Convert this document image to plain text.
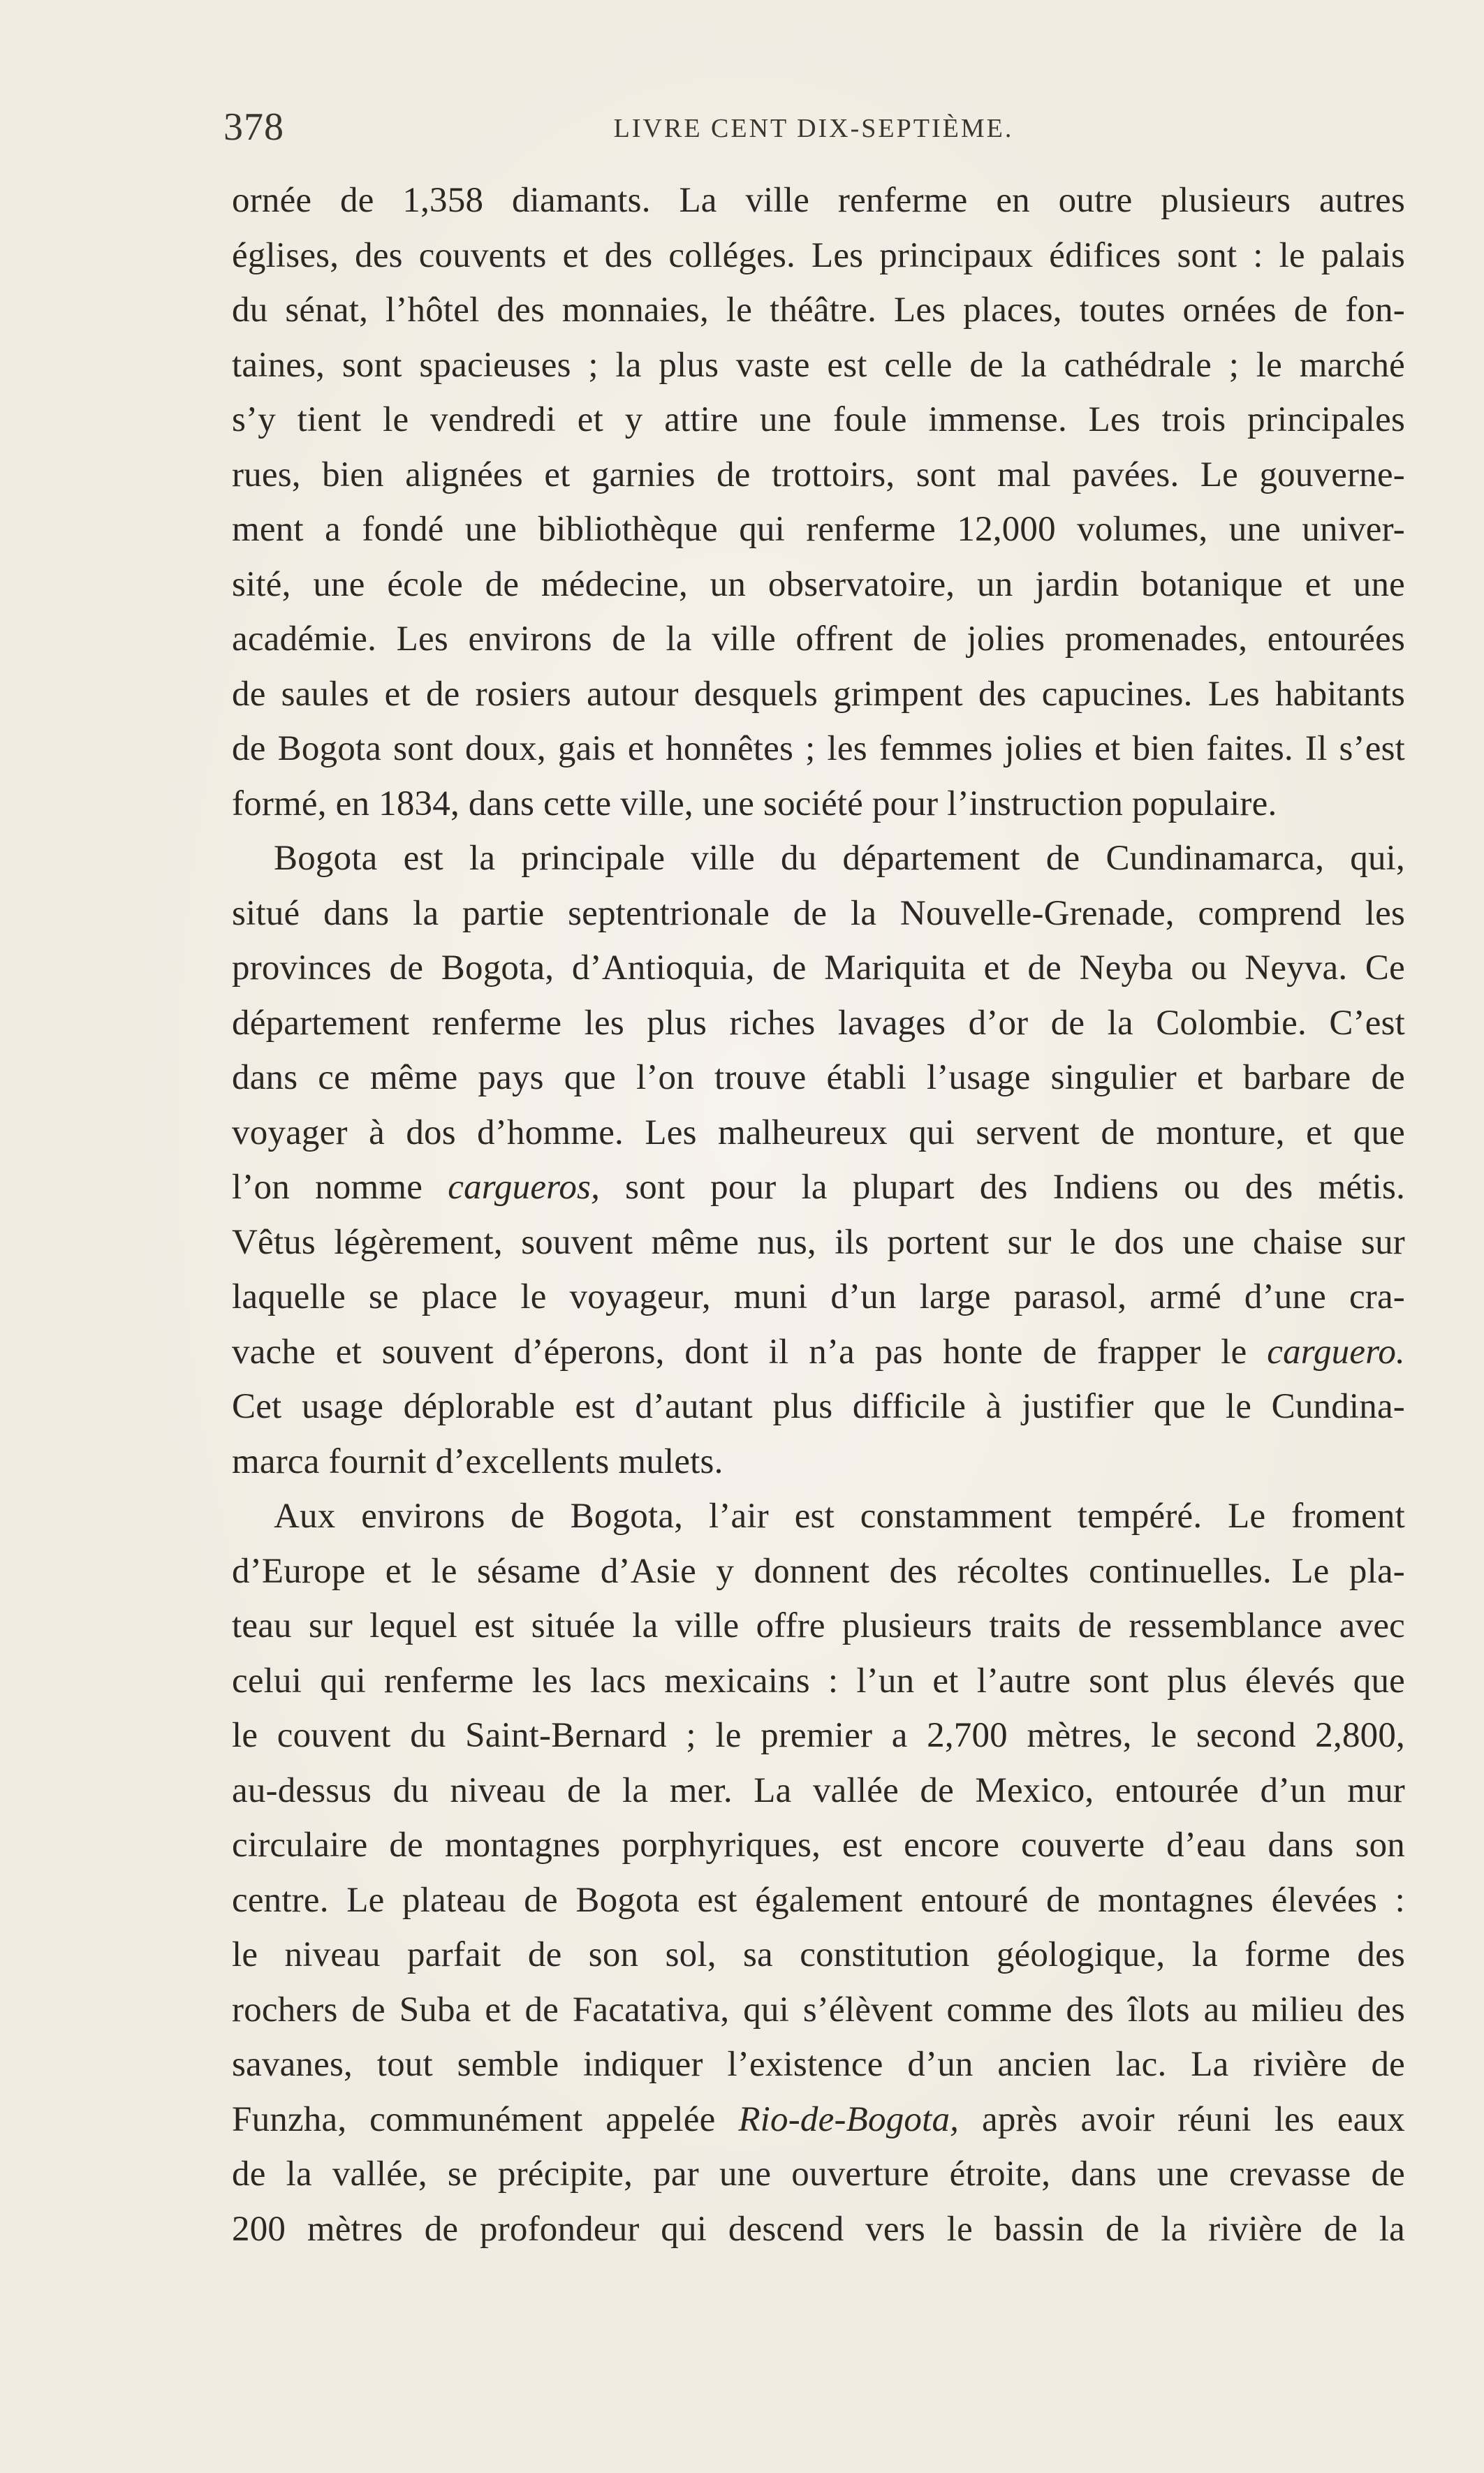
378	LIVRE CENT DIX-SEPTIÈME.
ornée de 1,358 diamants. La ville renferme en outre plusieurs autres
églises, des couvents et des colléges. Les principaux édifices sont : le palais
du sénat, l’hôtel des monnaies, le théâtre. Les places, toutes ornées de fon-
taines, sont spacieuses ; la plus vaste est celle de la cathédrale ; le marché
s’y tient le vendredi et y attire une foule immense. Les trois principales
rues, bien alignées et garnies de trottoirs, sont mal pavées. Le gouverne-
ment a fondé une bibliothèque qui renferme 12,000 volumes, une univer-
sité, une école de médecine, un observatoire, un jardin botanique et une
académie. Les environs de la ville offrent de jolies promenades, entourées
de saules et de rosiers autour desquels grimpent des capucines. Les habitants
de Bogota sont doux, gais et honnêtes ; les femmes jolies et bien faites. Il s’est
formé, en 1834, dans cette ville, une société pour l’instruction populaire.
Bogota est la principale ville du département de Cundinamarca, qui,
situé dans la partie septentrionale de la Nouvelle-Grenade, comprend les
provinces de Bogota, d’Antioquia, de Mariquita et de Neyba ou Neyva. Ce
département renferme les plus riches lavages d’or de la Colombie. C’est
dans ce même pays que l’on trouve établi l’usage singulier et barbare de
voyager à dos d’homme. Les malheureux qui servent de monture, et que
l’on nomme cargueros, sont pour la plupart des Indiens ou des métis.
Vêtus légèrement, souvent même nus, ils portent sur le dos une chaise sur
laquelle se place le voyageur, muni d’un large parasol, armé d’une cra-
vache et souvent d’éperons, dont il n’a pas honte de frapper le carguero.
Cet usage déplorable est d’autant plus difficile à justifier que le Cundina-
marca fournit d’excellents mulets.
Aux environs de Bogota, l’air est constamment tempéré. Le froment
d’Europe et le sésame d’Asie y donnent des récoltes continuelles. Le pla-
teau sur lequel est située la ville offre plusieurs traits de ressemblance avec
celui qui renferme les lacs mexicains : l’un et l’autre sont plus élevés que
le couvent du Saint-Bernard ; le premier a 2,700 mètres, le second 2,800,
au-dessus du niveau de la mer. La vallée de Mexico, entourée d’un mur
circulaire de montagnes porphyriques, est encore couverte d’eau dans son
centre. Le plateau de Bogota est également entouré de montagnes élevées :
le niveau parfait de son sol, sa constitution géologique, la forme des
rochers de Suba et de Facatativa, qui s’élèvent comme des îlots au milieu des
savanes, tout semble indiquer l’existence d’un ancien lac. La rivière de
Funzha, communément appelée Rio-de-Bogota, après avoir réuni les eaux
de la vallée, se précipite, par une ouverture étroite, dans une crevasse de
200 mètres de profondeur qui descend vers le bassin de la rivière de la
